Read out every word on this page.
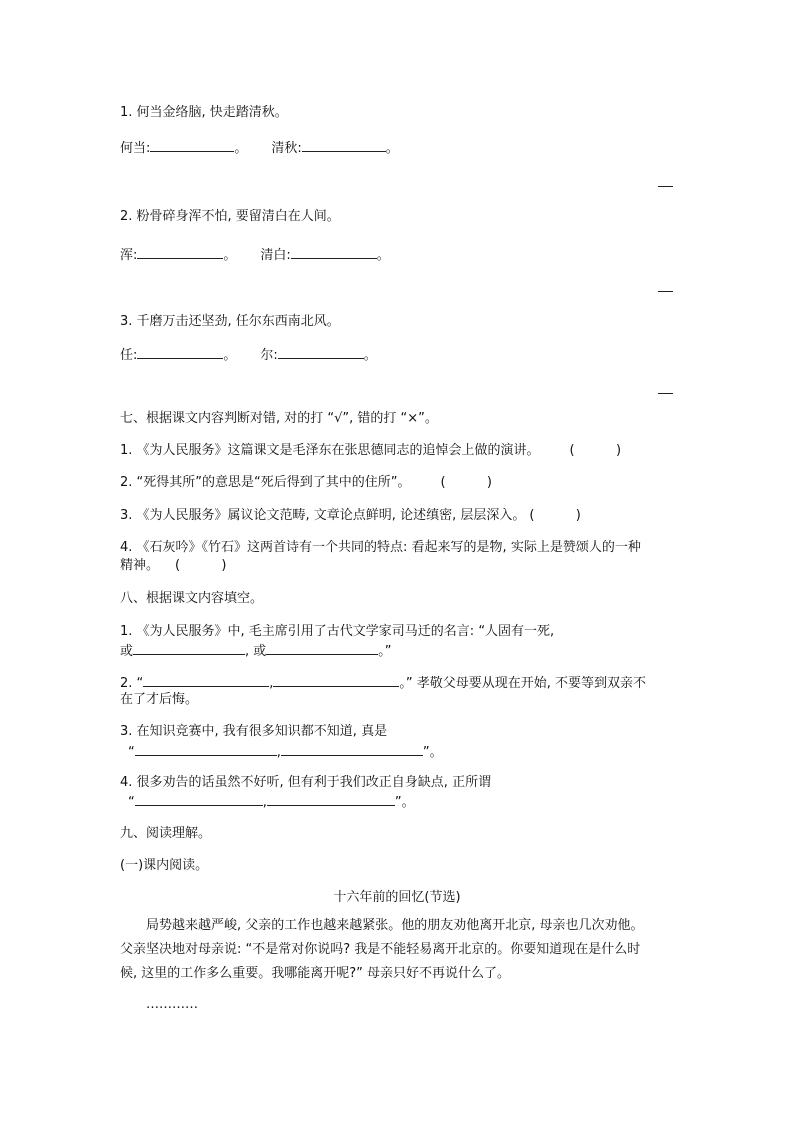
1. 何当金络脑, 快走踏清秋。
何当:	。 清秋:	。
2. 粉骨碎身浑不怕, 要留清白在人间。
浑:	。 清白:	。
3. 千磨万击还坚劲, 任尔东西南北风。
任:	。 尔:	。
七、根据课文内容判断对错, 对的打 “√”, 错的打 “×”。
1. 《为人民服务》这篇课文是毛泽东在张思德同志的追悼会上做的演讲。 (          )
2. “死得其所”的意思是“死后得到了其中的住所”。 (          )
3. 《为人民服务》属议论文范畴, 文章论点鲜明, 论述缜密, 层层深入。 (          )
4. 《石灰吟》《竹石》这两首诗有一个共同的特点: 看起来写的是物, 实际上是赞颂人的一种
精神。 (          )
八、根据课文内容填空。
1. 《为人民服务》中, 毛主席引用了古代文学家司马迁的名言: “人固有一死,
或	, 或	。”
2. “	,	。” 孝敬父母要从现在开始, 不要等到双亲不
在了才后悔。
3. 在知识竞赛中, 我有很多知识都不知道, 真是
“	,	”。
4. 很多劝告的话虽然不好听, 但有利于我们改正自身缺点, 正所谓
“	,	”。
九、阅读理解。
(一)课内阅读。
十六年前的回忆(节选)
局势越来越严峻, 父亲的工作也越来越紧张。他的朋友劝他离开北京, 母亲也几次劝他。
父亲坚决地对母亲说: “不是常对你说吗? 我是不能轻易离开北京的。你要知道现在是什么时
候, 这里的工作多么重要。我哪能离开呢?” 母亲只好不再说什么了。
…………
